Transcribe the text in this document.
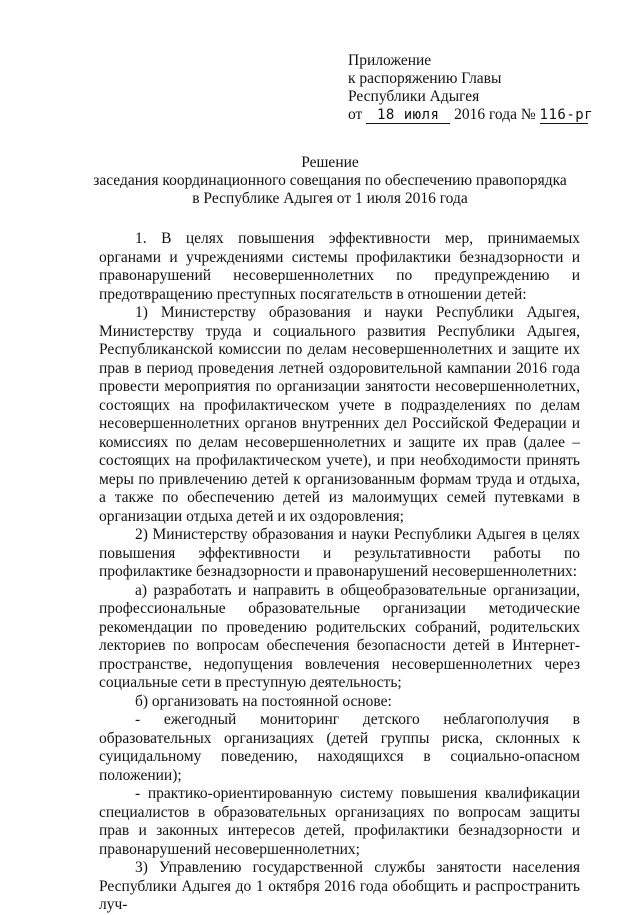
Приложение
к распоряжению Главы
Республики Адыгея
от 18 июля 2016 года № 116-рг
Решение
заседания координационного совещания по обеспечению правопорядка
в Республике Адыгея от 1 июля 2016 года

1. В целях повышения эффективности мер, принимаемых органами и учреждениями системы профилактики безнадзорности и правонарушений несовершеннолетних по предупреждению и предотвращению преступных посягательств в отношении детей:

1) Министерству образования и науки Республики Адыгея, Министерству труда и социального развития Республики Адыгея, Республиканской комиссии по делам несовершеннолетних и защите их прав в период проведения летней оздоровительной кампании 2016 года провести мероприятия по организации занятости несовершеннолетних, состоящих на профилактическом учете в подразделениях по делам несовершеннолетних органов внутренних дел Российской Федерации и комиссиях по делам несовершеннолетних и защите их прав (далее – состоящих на профилактическом учете), и при необходимости принять меры по привлечению детей к организованным формам труда и отдыха, а также по обеспечению детей из малоимущих семей путевками в организации отдыха детей и их оздоровления;

2) Министерству образования и науки Республики Адыгея в целях повышения эффективности и результативности работы по профилактике безнадзорности и правонарушений несовершеннолетних:

а) разработать и направить в общеобразовательные организации, профессиональные образовательные организации методические рекомендации по проведению родительских собраний, родительских лекториев по вопросам обеспечения безопасности детей в Интернет-пространстве, недопущения вовлечения несовершеннолетних через социальные сети в преступную деятельность;

б) организовать на постоянной основе:

- ежегодный мониторинг детского неблагополучия в образовательных организациях (детей группы риска, склонных к суицидальному поведению, находящихся в социально-опасном положении);

- практико-ориентированную систему повышения квалификации специалистов в образовательных организациях по вопросам защиты прав и законных интересов детей, профилактики безнадзорности и правонарушений несовершеннолетних;

3) Управлению государственной службы занятости населения Республики Адыгея до 1 октября 2016 года обобщить и распространить луч-
